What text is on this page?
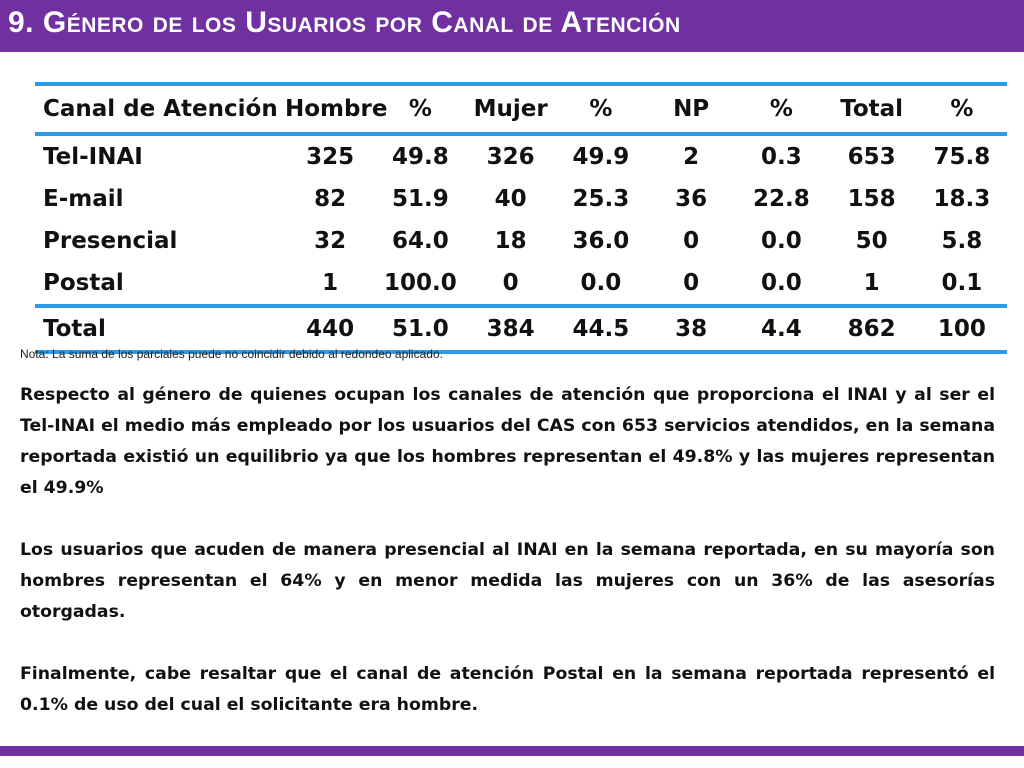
9. Género de los Usuarios por Canal de Atención
Canal de Atención	Hombre	%	Mujer	%	NP	%	Total	%
Tel-INAI	325	49.8	326	49.9	2	0.3	653	75.8
E-mail	82	51.9	40	25.3	36	22.8	158	18.3
Presencial	32	64.0	18	36.0	0	0.0	50	5.8
Postal	1	100.0	0	0.0	0	0.0	1	0.1
Total	440	51.0	384	44.5	38	4.4	862	100
Nota: La suma de los parciales puede no coincidir debido al redondeo aplicado.

Respecto al género de quienes ocupan los canales de atención que proporciona el INAI y al ser el Tel-INAI el medio más empleado por los usuarios del CAS con 653 servicios atendidos, en la semana reportada existió un equilibrio ya que los hombres representan el 49.8% y las mujeres representan el 49.9%

Los usuarios que acuden de manera presencial al INAI en la semana reportada, en su mayoría son hombres representan el 64% y en menor medida las mujeres con un 36% de las asesorías otorgadas.

Finalmente, cabe resaltar que el canal de atención Postal en la semana reportada representó el 0.1% de uso del cual el solicitante era hombre.
